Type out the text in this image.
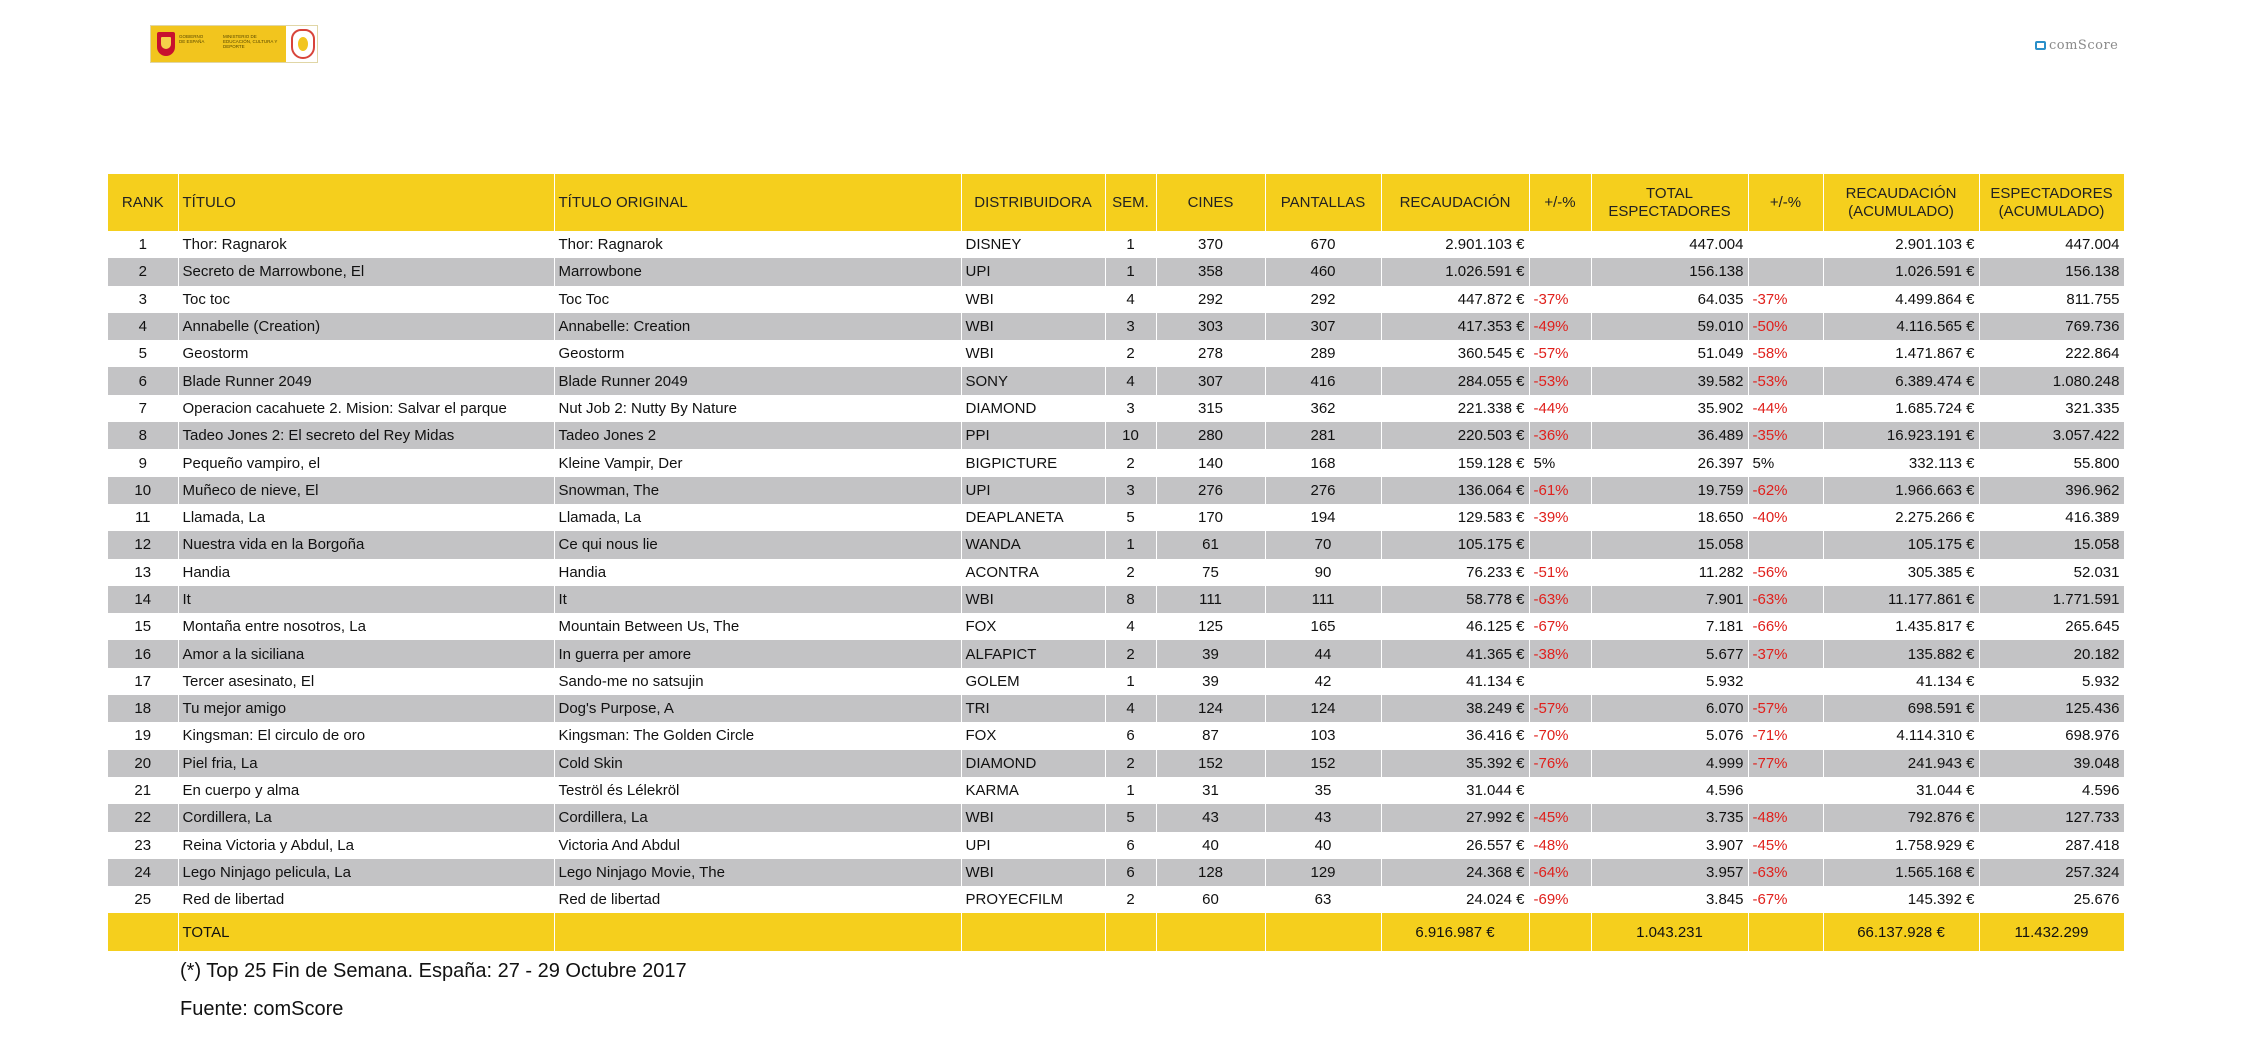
GOBIERNO DE ESPAÑA
MINISTERIO DE EDUCACIÓN, CULTURA Y DEPORTE	comScore
RANK	TÍTULO	TÍTULO ORIGINAL	DISTRIBUIDORA	SEM.	CINES	PANTALLAS	RECAUDACIÓN	+/-%	TOTAL ESPECTADORES	+/-%	RECAUDACIÓN (ACUMULADO)	ESPECTADORES (ACUMULADO)
1	Thor: Ragnarok	Thor: Ragnarok	DISNEY	1	370	670	2.901.103 €		447.004		2.901.103 €	447.004
2	Secreto de Marrowbone, El	Marrowbone	UPI	1	358	460	1.026.591 €		156.138		1.026.591 €	156.138
3	Toc toc	Toc Toc	WBI	4	292	292	447.872 €	-37%	64.035	-37%	4.499.864 €	811.755
4	Annabelle (Creation)	Annabelle: Creation	WBI	3	303	307	417.353 €	-49%	59.010	-50%	4.116.565 €	769.736
5	Geostorm	Geostorm	WBI	2	278	289	360.545 €	-57%	51.049	-58%	1.471.867 €	222.864
6	Blade Runner 2049	Blade Runner 2049	SONY	4	307	416	284.055 €	-53%	39.582	-53%	6.389.474 €	1.080.248
7	Operacion cacahuete 2. Mision: Salvar el parque	Nut Job 2: Nutty By Nature	DIAMOND	3	315	362	221.338 €	-44%	35.902	-44%	1.685.724 €	321.335
8	Tadeo Jones 2: El secreto del Rey Midas	Tadeo Jones 2	PPI	10	280	281	220.503 €	-36%	36.489	-35%	16.923.191 €	3.057.422
9	Pequeño vampiro, el	Kleine Vampir, Der	BIGPICTURE	2	140	168	159.128 €	5%	26.397	5%	332.113 €	55.800
10	Muñeco de nieve, El	Snowman, The	UPI	3	276	276	136.064 €	-61%	19.759	-62%	1.966.663 €	396.962
11	Llamada, La	Llamada, La	DEAPLANETA	5	170	194	129.583 €	-39%	18.650	-40%	2.275.266 €	416.389
12	Nuestra vida en la Borgoña	Ce qui nous lie	WANDA	1	61	70	105.175 €		15.058		105.175 €	15.058
13	Handia	Handia	ACONTRA	2	75	90	76.233 €	-51%	11.282	-56%	305.385 €	52.031
14	It	It	WBI	8	111	111	58.778 €	-63%	7.901	-63%	11.177.861 €	1.771.591
15	Montaña entre nosotros, La	Mountain Between Us, The	FOX	4	125	165	46.125 €	-67%	7.181	-66%	1.435.817 €	265.645
16	Amor a la siciliana	In guerra per amore	ALFAPICT	2	39	44	41.365 €	-38%	5.677	-37%	135.882 €	20.182
17	Tercer asesinato, El	Sando-me no satsujin	GOLEM	1	39	42	41.134 €		5.932		41.134 €	5.932
18	Tu mejor amigo	Dog's Purpose, A	TRI	4	124	124	38.249 €	-57%	6.070	-57%	698.591 €	125.436
19	Kingsman: El circulo de oro	Kingsman: The Golden Circle	FOX	6	87	103	36.416 €	-70%	5.076	-71%	4.114.310 €	698.976
20	Piel fria, La	Cold Skin	DIAMOND	2	152	152	35.392 €	-76%	4.999	-77%	241.943 €	39.048
21	En cuerpo y alma	Teströl és Lélekröl	KARMA	1	31	35	31.044 €		4.596		31.044 €	4.596
22	Cordillera, La	Cordillera, La	WBI	5	43	43	27.992 €	-45%	3.735	-48%	792.876 €	127.733
23	Reina Victoria y Abdul, La	Victoria And Abdul	UPI	6	40	40	26.557 €	-48%	3.907	-45%	1.758.929 €	287.418
24	Lego Ninjago pelicula, La	Lego Ninjago Movie, The	WBI	6	128	129	24.368 €	-64%	3.957	-63%	1.565.168 €	257.324
25	Red de libertad	Red de libertad	PROYECFILM	2	60	63	24.024 €	-69%	3.845	-67%	145.392 €	25.676
	TOTAL						6.916.987 €		1.043.231		66.137.928 €	11.432.299
(*) Top 25 Fin de Semana. España: 27 - 29 Octubre 2017
Fuente: comScore
